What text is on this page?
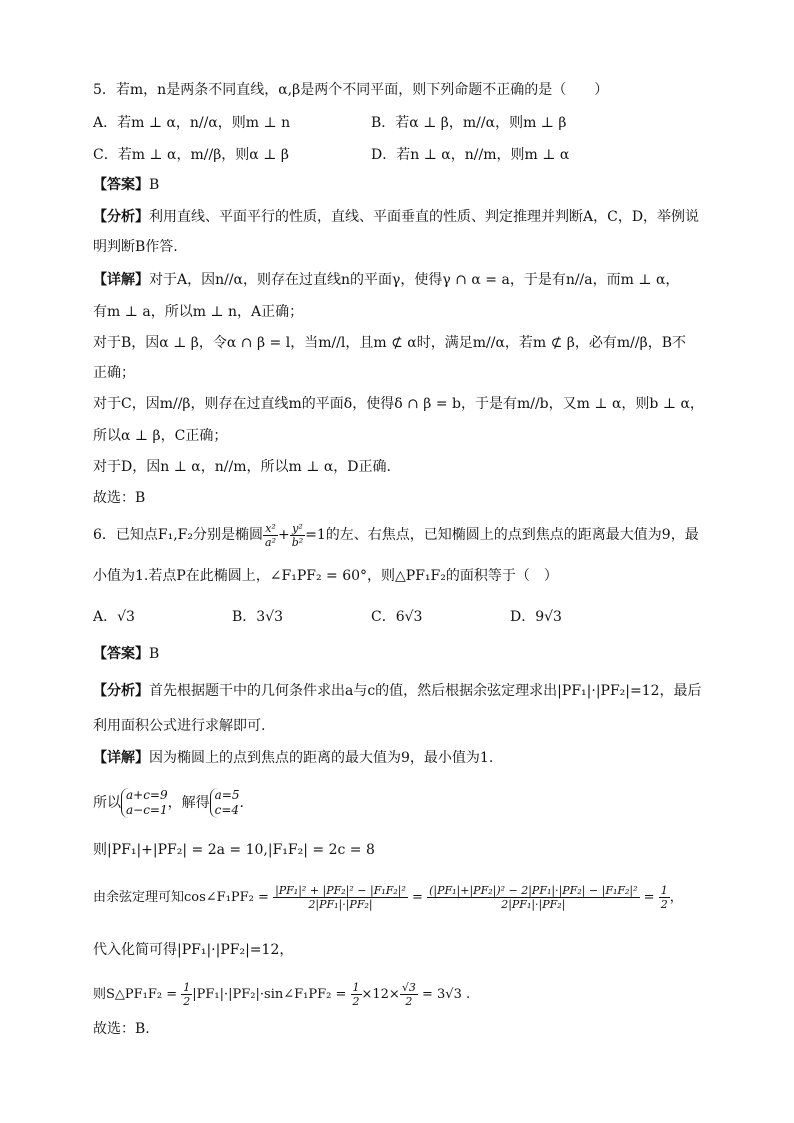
5．若m，n是两条不同直线，α,β是两个不同平面，则下列命题不正确的是（　　）
A．若m ⊥ α，n//α，则m ⊥ n	B．若α ⊥ β，m//α，则m ⊥ β
C．若m ⊥ α，m//β，则α ⊥ β	D．若n ⊥ α，n//m，则m ⊥ α
【答案】B
【分析】利用直线、平面平行的性质，直线、平面垂直的性质、判定推理并判断A，C，D，举例说
明判断B作答.
【详解】对于A，因n//α，则存在过直线n的平面γ，使得γ ∩ α = a，于是有n//a，而m ⊥ α，
有m ⊥ a，所以m ⊥ n，A正确；
对于B，因α ⊥ β，令α ∩ β = l，当m//l，且m ⊄ α时，满足m//α，若m ⊄ β，必有m//β，B不
正确；
对于C，因m//β，则存在过直线m的平面δ，使得δ ∩ β = b，于是有m//b，又m ⊥ α，则b ⊥ α，
所以α ⊥ β，C正确；
对于D，因n ⊥ α，n//m，所以m ⊥ α，D正确.
故选：B
6．已知点F₁,F₂分别是椭圆 $\frac{\text{x²}}{\text{a²}} + \frac{\text{y²}}{\text{b²}} =1$的左、右焦点，已知椭圆上的点到焦点的距离最大值为9，最
小值为1.若点P在此椭圆上，∠F₁PF₂ = 60°，则△PF₁F₂的面积等于（　）
A．√3	B．3√3	C．6√3	D．9√3
【答案】B
【分析】首先根据题干中的几何条件求出a与c的值，然后根据余弦定理求出|PF₁|·|PF₂|=12，最后
利用面积公式进行求解即可.
【详解】因为椭圆上的点到焦点的距离的最大值为9，最小值为1.
所以 a+c=9
a−c=1 ，解得 a=5
c=4 .
则|PF₁|+|PF₂| = 2a = 10,|F₁F₂| = 2c = 8
由余弦定理可知cos∠F₁PF₂ = $\frac{\text{|PF₁|² + |PF₂|² − |F₁F₂|²}}{\text{2|PF₁|·|PF₂|}} = \frac{\text{(|PF₁|+|PF₂|)² − 2|PF₁|·|PF₂| − |F₁F₂|²}}{\text{2|PF₁|·|PF₂|}} = \frac{1}{2}$ ，
代入化简可得|PF₁|·|PF₂|=12，
则S△PF₁F₂ = $\frac{1}{2}$ |PF₁|·|PF₂|·sin∠F₁PF₂ = $\frac{1}{2} \times 12\times \frac{√3}{2} = 3√3$ .
故选：B.
